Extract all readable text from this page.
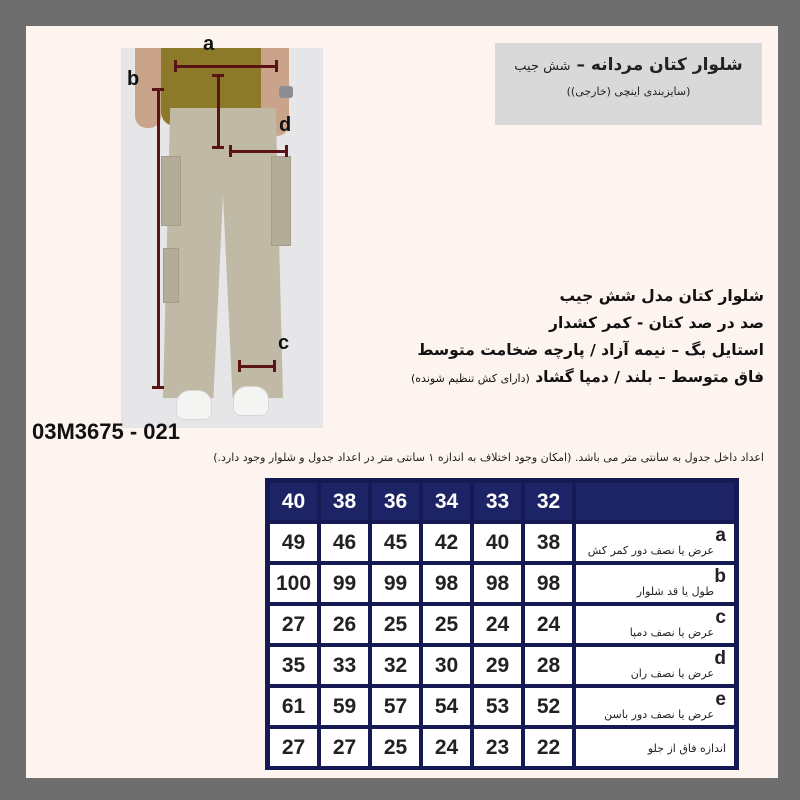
a
b
d
c
03M3675 - 021
شلوار کتان مردانه – شش جیب
(سایزبندی اینچی (خارجی))
شلوار کتان مدل شش جیب
صد در صد کتان - کمر کشدار
استایل بگ – نیمه آزاد / پارچه ضخامت متوسط
فاق متوسط – بلند / دمپا گشاد (دارای کش تنظیم شونده)
اعداد داخل جدول به سانتی متر می باشد. (امکان وجود اختلاف به اندازه ۱ سانتی متر در اعداد جدول و شلوار وجود دارد.)
40	38	36	34	33	32
49	46	45	42	40	38	a
عرض یا نصف دور کمر کش
100	99	99	98	98	98	b
طول یا قد شلوار
27	26	25	25	24	24	c
عرض یا نصف دمپا
35	33	32	30	29	28	d
عرض یا نصف ران
61	59	57	54	53	52	e
عرض یا نصف دور باسن
27	27	25	24	23	22	اندازه فاق از جلو
